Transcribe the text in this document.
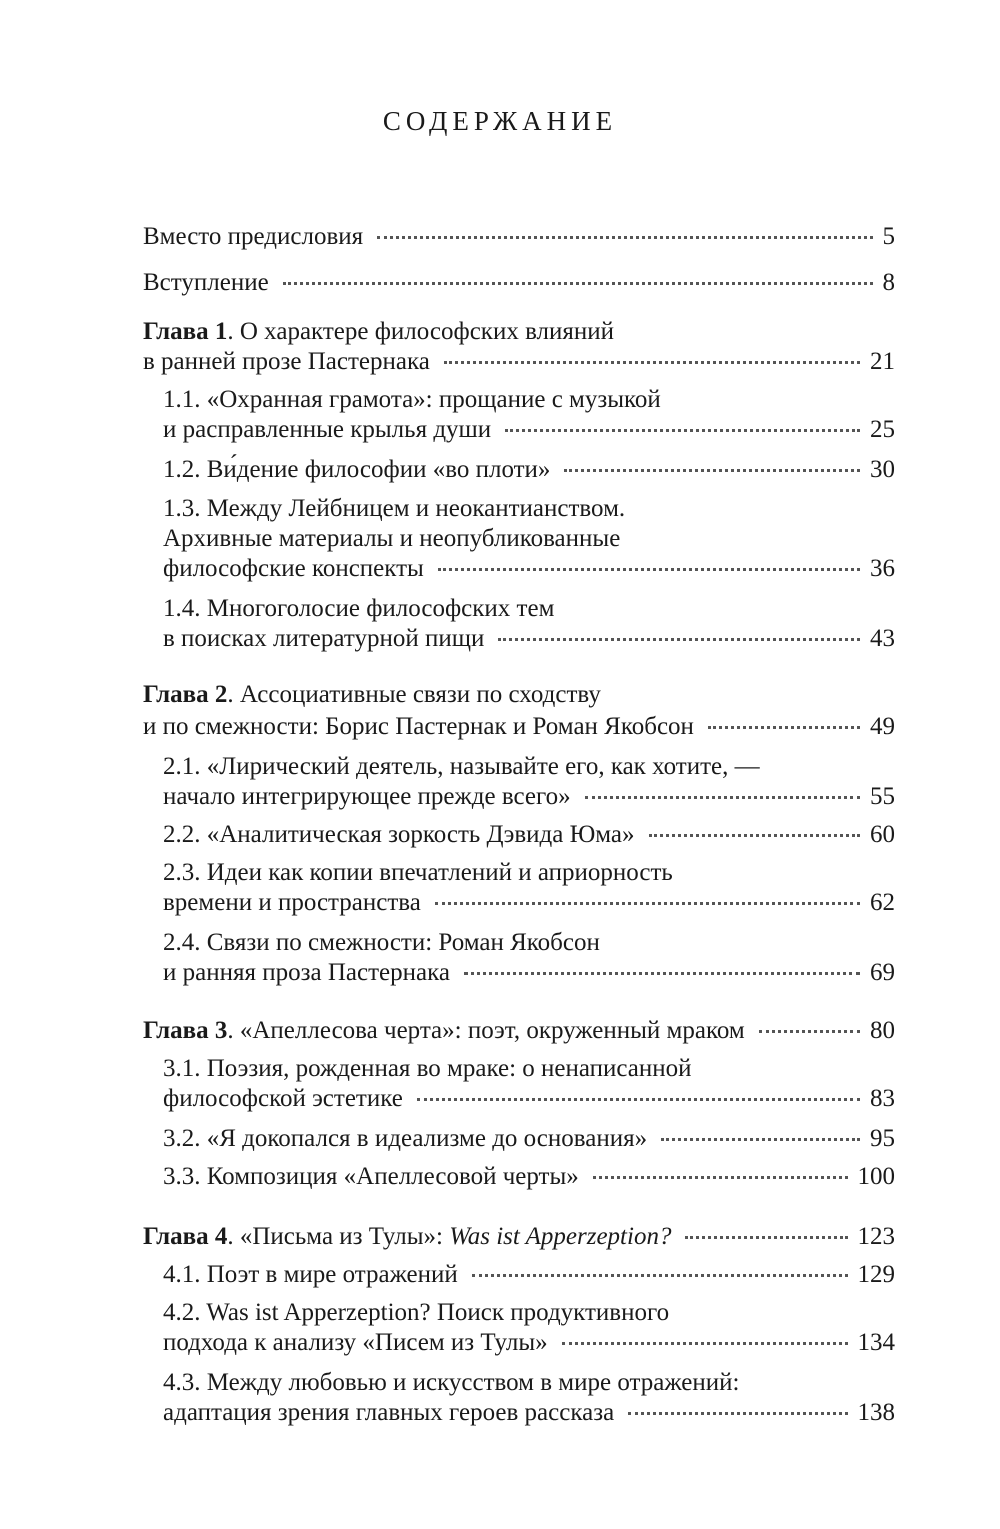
СОДЕРЖАНИЕ
Вместо предисловия	5
Вступление	8
Глава 1. О характере философских влияний
в ранней прозе Пастернака	21
1.1. «Охранная грамота»: прощание с музыкой
и расправленные крылья души	25
1.2. Ви́дение философии «во плоти»	30
1.3. Между Лейбницем и неокантианством.
Архивные материалы и неопубликованные
философские конспекты	36
1.4. Многоголосие философских тем
в поисках литературной пищи	43
Глава 2. Ассоциативные связи по сходству
и по смежности: Борис Пастернак и Роман Якобсон	49
2.1. «Лирический деятель, называйте его, как хотите, —
начало интегрирующее прежде всего»	55
2.2. «Аналитическая зоркость Дэвида Юма»	60
2.3. Идеи как копии впечатлений и априорность
времени и пространства	62
2.4. Связи по смежности: Роман Якобсон
и ранняя проза Пастернака	69
Глава 3. «Апеллесова черта»: поэт, окруженный мраком	80
3.1. Поэзия, рожденная во мраке: о ненаписанной
философской эстетике	83
3.2. «Я докопался в идеализме до основания»	95
3.3. Композиция «Апеллесовой черты»	100
Глава 4. «Письма из Тулы»: Was ist Apperzeption?	123
4.1. Поэт в мире отражений	129
4.2. Was ist Apperzeption? Поиск продуктивного
подхода к анализу «Писем из Тулы»	134
4.3. Между любовью и искусством в мире отражений:
адаптация зрения главных героев рассказа	138
